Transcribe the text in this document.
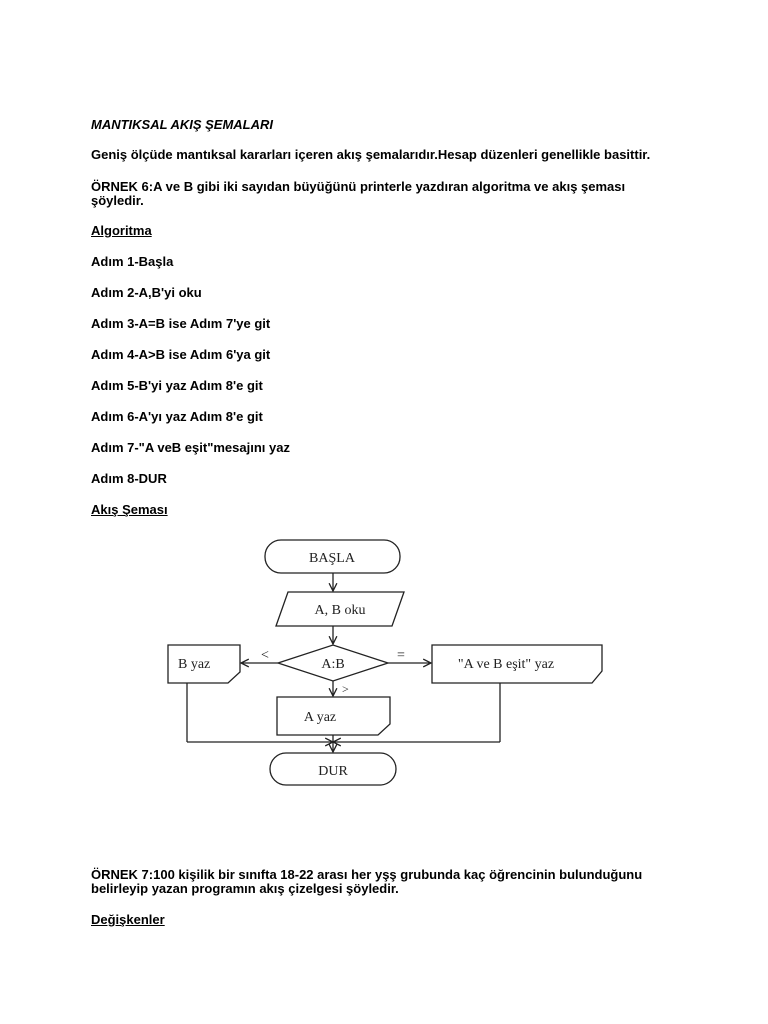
MANTIKSAL AKIŞ ŞEMALARI
Geniş ölçüde mantıksal kararları içeren akış şemalarıdır.Hesap düzenleri genellikle basittir.
ÖRNEK 6:A ve B gibi iki sayıdan büyüğünü printerle yazdıran algoritma ve akış şeması şöyledir.
Algoritma
Adım 1-Başla
Adım 2-A,B'yi oku
Adım 3-A=B ise Adım 7'ye git
Adım 4-A>B ise Adım 6'ya git
Adım 5-B'yi yaz Adım 8'e git
Adım 6-A'yı yaz Adım 8'e git
Adım 7-"A veB eşit"mesajını yaz
Adım 8-DUR
Akış Şeması
BAŞLA
A, B oku
A:B
B yaz	"A ve B eşit" yaz
A yaz
DUR
<	=
>
ÖRNEK 7:100 kişilik bir sınıfta 18-22 arası her yşş grubunda kaç öğrencinin bulunduğunu belirleyip yazan programın akış çizelgesi şöyledir.
Değişkenler
